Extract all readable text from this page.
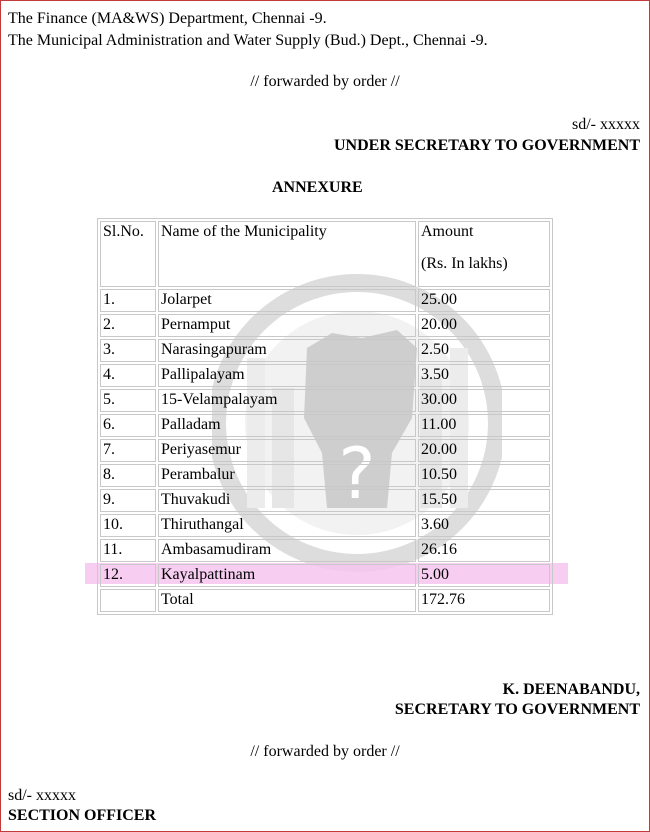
?
The Finance (MA&WS) Department, Chennai -9.
The Municipal Administration and Water Supply (Bud.) Dept., Chennai -9.
// forwarded by order //
sd/- xxxxx
UNDER SECRETARY TO GOVERNMENT
ANNEXURE
Sl.No.	Name of the Municipality	Amount
(Rs. In lakhs)

1.	Jolarpet	25.00
2.	Pernamput	20.00
3.	Narasingapuram	2.50
4.	Pallipalayam	3.50
5.	15-Velampalayam	30.00
6.	Palladam	11.00
7.	Periyasemur	20.00
8.	Perambalur	10.50
9.	Thuvakudi	15.50
10.	Thiruthangal	3.60
11.	Ambasamudiram	26.16
12.	Kayalpattinam	5.00
	Total	172.76
K. DEENABANDU,
SECRETARY TO GOVERNMENT
// forwarded by order //
sd/- xxxxx
SECTION OFFICER
